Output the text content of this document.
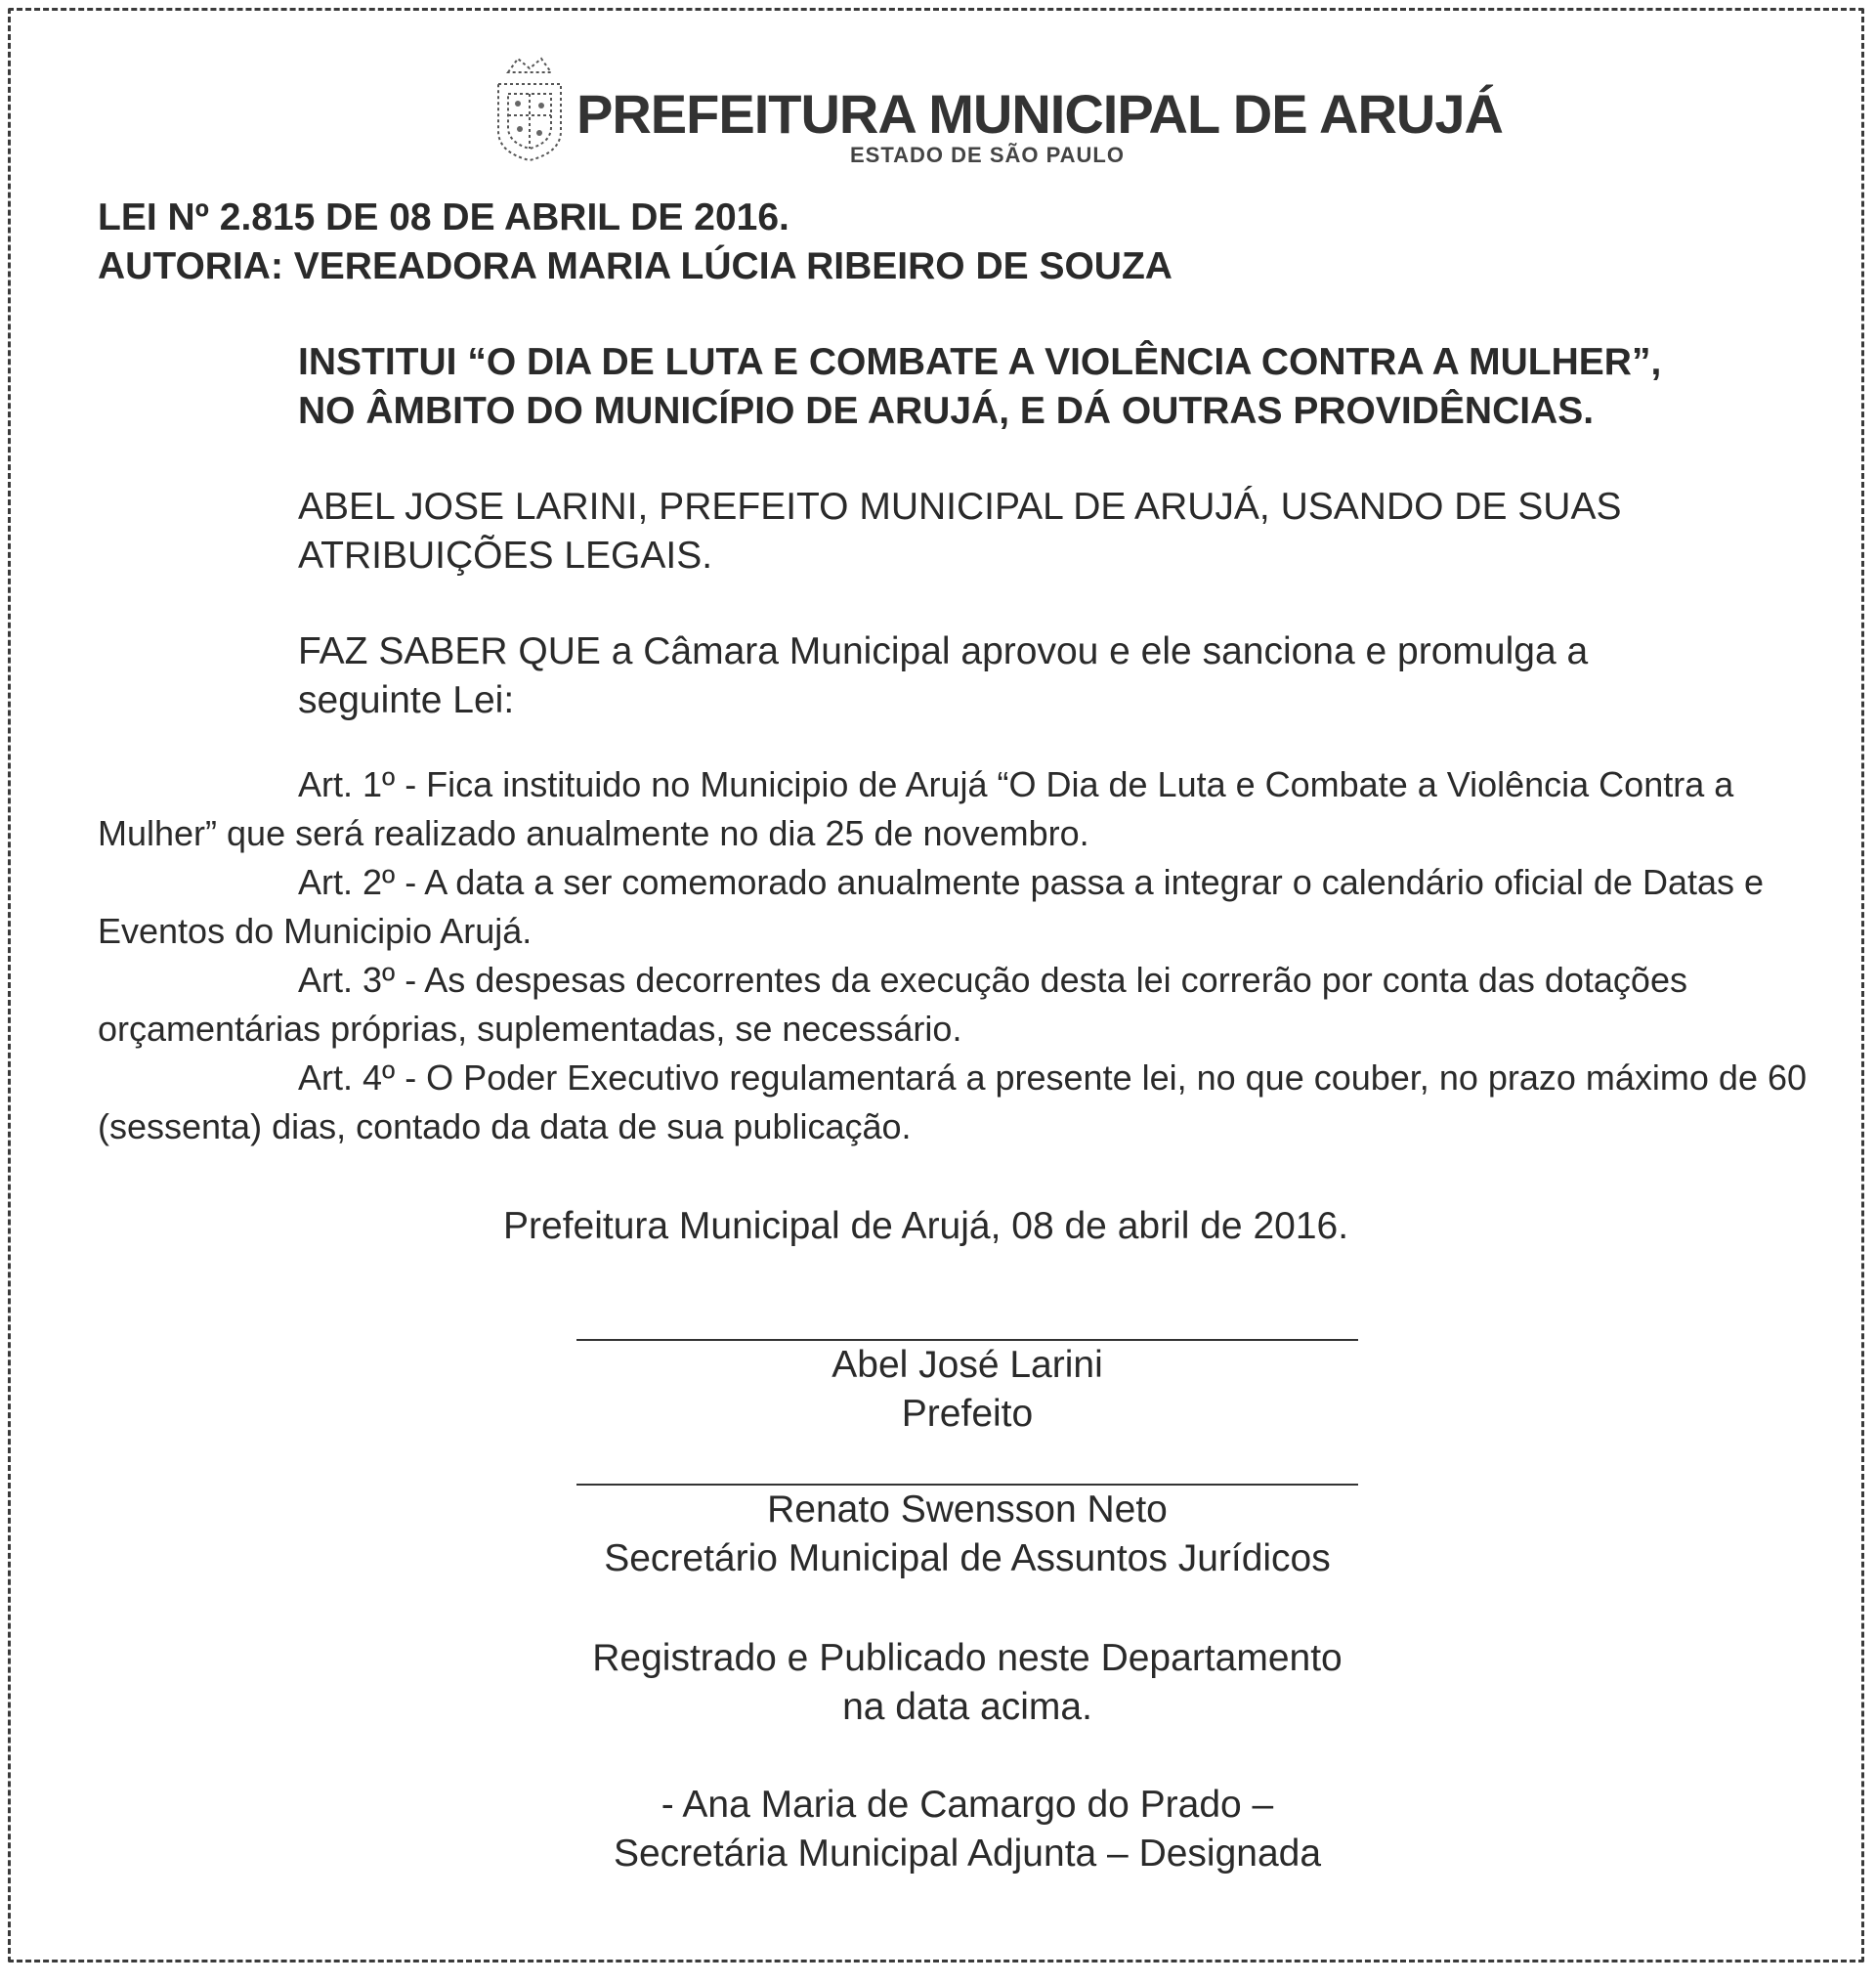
PREFEITURA MUNICIPAL DE ARUJÁ
ESTADO DE SÃO PAULO
LEI Nº 2.815 DE 08 DE ABRIL DE 2016.
AUTORIA: VEREADORA MARIA LÚCIA RIBEIRO DE SOUZA
INSTITUI “O DIA DE LUTA E COMBATE A VIOLÊNCIA CONTRA A MULHER”,
NO ÂMBITO DO MUNICÍPIO DE ARUJÁ, E DÁ OUTRAS PROVIDÊNCIAS.
ABEL JOSE LARINI, PREFEITO MUNICIPAL DE ARUJÁ, USANDO DE SUAS
ATRIBUIÇÕES LEGAIS.
FAZ SABER QUE a Câmara Municipal aprovou e ele sanciona e promulga a
seguinte Lei:
Art. 1º - Fica instituido no Municipio de Arujá “O Dia de Luta e Combate a Violência Contra a Mulher” que será realizado anualmente no dia 25 de novembro.
Art. 2º - A data a ser comemorado anualmente passa a integrar o calendário oficial de Datas e Eventos do Municipio Arujá.
Art. 3º - As despesas decorrentes da execução desta lei correrão por conta das dotações orçamentárias próprias, suplementadas, se necessário.
Art. 4º - O Poder Executivo regulamentará a presente lei, no que couber, no prazo máximo de 60 (sessenta) dias, contado da data de sua publicação.
Prefeitura Municipal de Arujá, 08 de abril de 2016.
Abel José Larini
Prefeito
Renato Swensson Neto
Secretário Municipal de Assuntos Jurídicos
Registrado e Publicado neste Departamento
na data acima.
- Ana Maria de Camargo do Prado –
Secretária Municipal Adjunta – Designada
